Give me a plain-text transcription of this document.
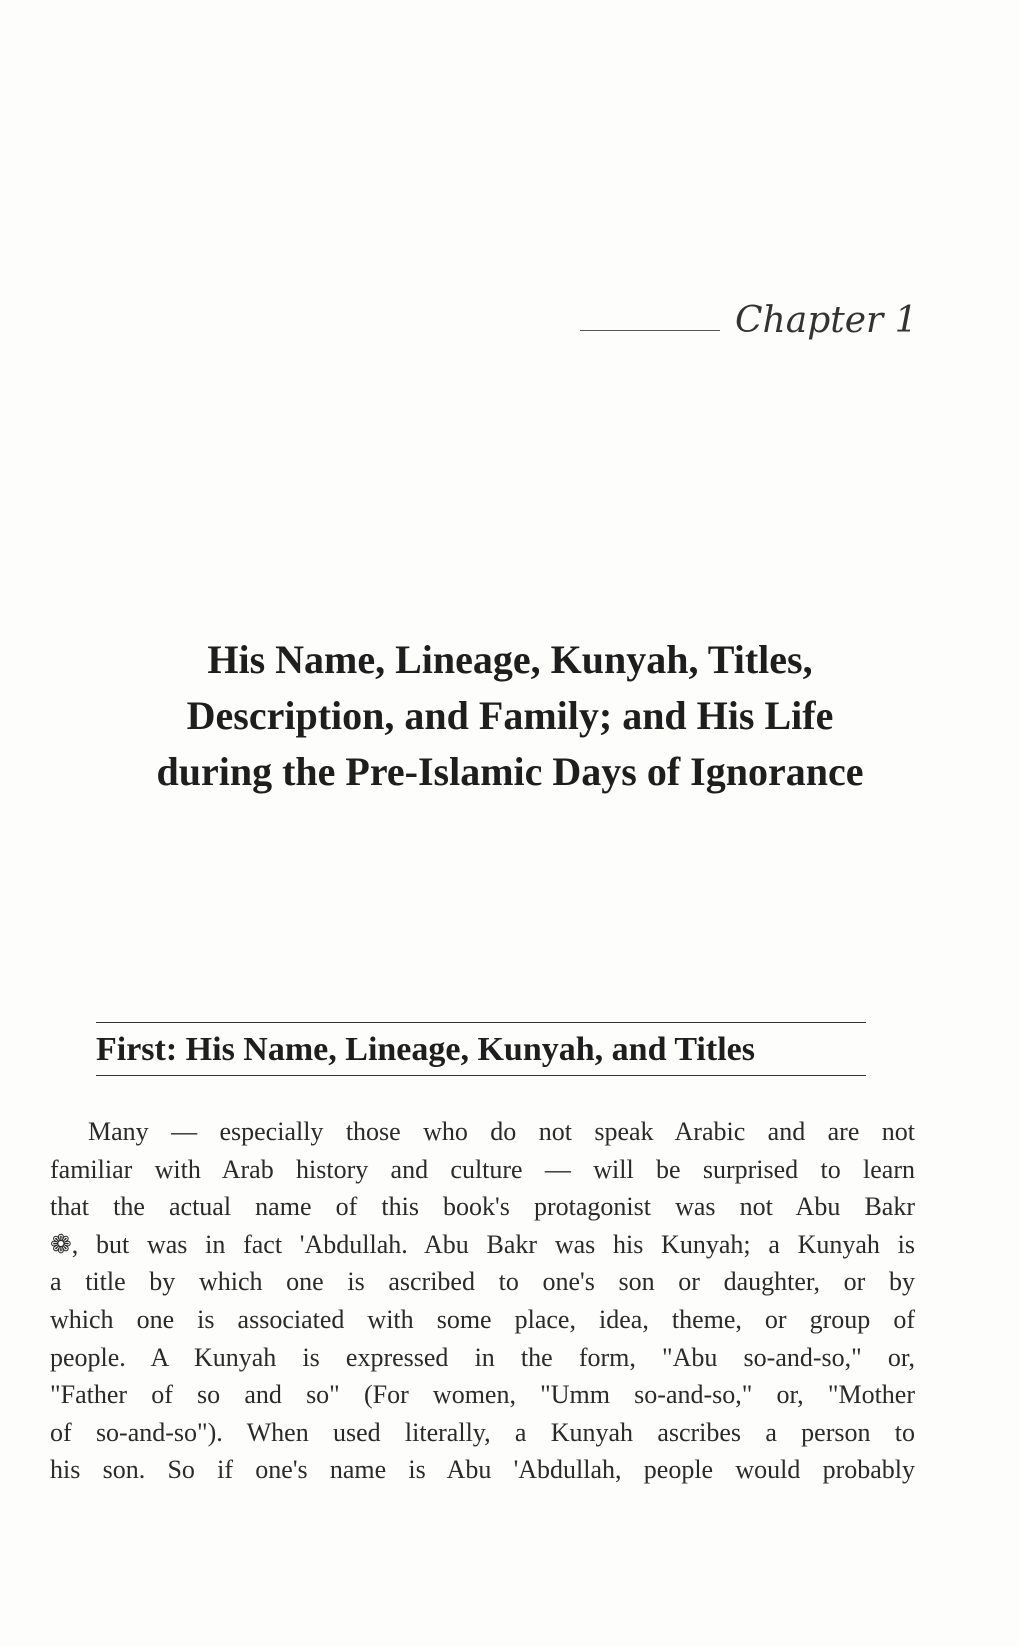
Chapter 1
His Name, Lineage, Kunyah, Titles,
Description, and Family; and His Life
during the Pre-Islamic Days of Ignorance
First: His Name, Lineage, Kunyah, and Titles
Many — especially those who do not speak Arabic and are not
familiar with Arab history and culture — will be surprised to learn
that the actual name of this book's protagonist was not Abu Bakr
❁, but was in fact 'Abdullah. Abu Bakr was his Kunyah; a Kunyah is
a title by which one is ascribed to one's son or daughter, or by
which one is associated with some place, idea, theme, or group of
people. A Kunyah is expressed in the form, "Abu so-and-so," or,
"Father of so and so" (For women, "Umm so-and-so," or, "Mother
of so-and-so"). When used literally, a Kunyah ascribes a person to
his son. So if one's name is Abu 'Abdullah, people would probably
